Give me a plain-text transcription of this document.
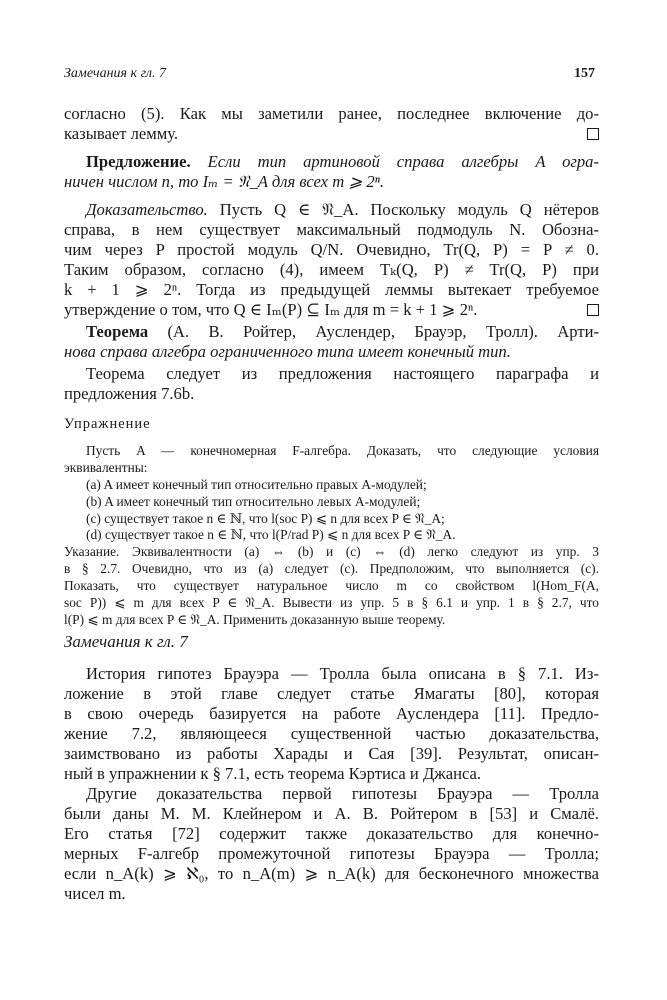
Замечания к гл. 7	157
согласно (5). Как мы заметили ранее, последнее включение до-
казывает лемму.
Предложение. Если тип артиновой справа алгебры A огра-
ничен числом n, то Iₘ = 𝔑_A для всех m ⩾ 2ⁿ.
Доказательство. Пусть Q ∈ 𝔑_A. Поскольку модуль Q нётеров
справа, в нем существует максимальный подмодуль N. Обозна-
чим через P простой модуль Q/N. Очевидно, Tr(Q, P) = P ≠ 0.
Таким образом, согласно (4), имеем Tₖ(Q, P) ≠ Tr(Q, P) при
k + 1 ⩾ 2ⁿ. Тогда из предыдущей леммы вытекает требуемое
утверждение о том, что Q ∈ Iₘ(P) ⊆ Iₘ для m = k + 1 ⩾ 2ⁿ.
Теорема (А. В. Ройтер, Ауслендер, Брауэр, Тролл). Арти-
нова справа алгебра ограниченного типа имеет конечный тип.
Теорема следует из предложения настоящего параграфа и
предложения 7.6b.
Упражнение
Пусть A — конечномерная F-алгебра. Доказать, что следующие условия
эквивалентны:
(a) A имеет конечный тип относительно правых A-модулей;
(b) A имеет конечный тип относительно левых A-модулей;
(c) существует такое n ∈ ℕ, что l(soc P) ⩽ n для всех P ∈ 𝔑_A;
(d) существует такое n ∈ ℕ, что l(P/rad P) ⩽ n для всех P ∈ 𝔑_A.
Указание. Эквивалентности (a) ⇔ (b) и (c) ⇔ (d) легко следуют из упр. 3
в § 2.7. Очевидно, что из (a) следует (c). Предположим, что выполняется (c).
Показать, что существует натуральное число m со свойством l(Hom_F(A,
soc P)) ⩽ m для всех P ∈ 𝔑_A. Вывести из упр. 5 в § 6.1 и упр. 1 в § 2.7, что
l(P) ⩽ m для всех P ∈ 𝔑_A. Применить доказанную выше теорему.
Замечания к гл. 7
История гипотез Брауэра — Тролла была описана в § 7.1. Из-
ложение в этой главе следует статье Ямагаты [80], которая
в свою очередь базируется на работе Ауслендера [11]. Предло-
жение 7.2, являющееся существенной частью доказательства,
заимствовано из работы Харады и Сая [39]. Результат, описан-
ный в упражнении к § 7.1, есть теорема Кэртиса и Джанса.
Другие доказательства первой гипотезы Брауэра — Тролла
были даны М. М. Клейнером и А. В. Ройтером в [53] и Смалё.
Его статья [72] содержит также доказательство для конечно-
мерных F-алгебр промежуточной гипотезы Брауэра — Тролла;
если n_A(k) ⩾ ℵ₀, то n_A(m) ⩾ n_A(k) для бесконечного множества
чисел m.
